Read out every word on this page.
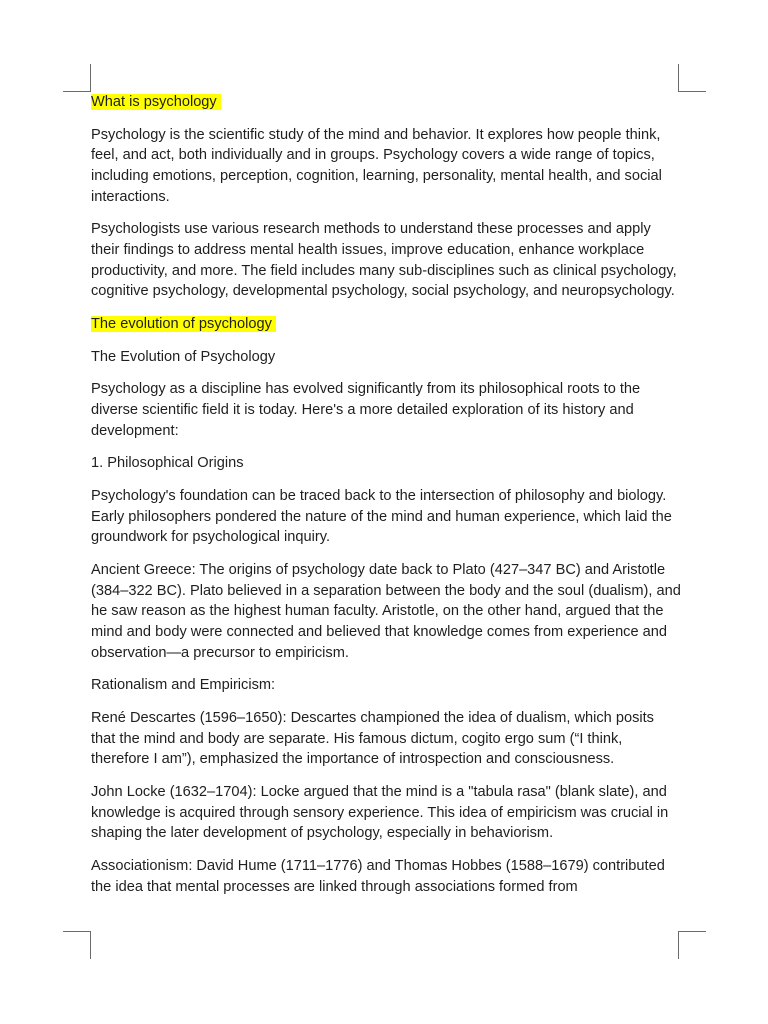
What is psychology

Psychology is the scientific study of the mind and behavior. It explores how people think, feel, and act, both individually and in groups. Psychology covers a wide range of topics, including emotions, perception, cognition, learning, personality, mental health, and social interactions.

Psychologists use various research methods to understand these processes and apply their findings to address mental health issues, improve education, enhance workplace productivity, and more. The field includes many sub-disciplines such as clinical psychology, cognitive psychology, developmental psychology, social psychology, and neuropsychology.

The evolution of psychology

The Evolution of Psychology

Psychology as a discipline has evolved significantly from its philosophical roots to the diverse scientific field it is today. Here's a more detailed exploration of its history and development:

1. Philosophical Origins

Psychology's foundation can be traced back to the intersection of philosophy and biology. Early philosophers pondered the nature of the mind and human experience, which laid the groundwork for psychological inquiry.

Ancient Greece: The origins of psychology date back to Plato (427–347 BC) and Aristotle (384–322 BC). Plato believed in a separation between the body and the soul (dualism), and he saw reason as the highest human faculty. Aristotle, on the other hand, argued that the mind and body were connected and believed that knowledge comes from experience and observation—a precursor to empiricism.

Rationalism and Empiricism:

René Descartes (1596–1650): Descartes championed the idea of dualism, which posits that the mind and body are separate. His famous dictum, cogito ergo sum (“I think, therefore I am”), emphasized the importance of introspection and consciousness.

John Locke (1632–1704): Locke argued that the mind is a "tabula rasa" (blank slate), and knowledge is acquired through sensory experience. This idea of empiricism was crucial in shaping the later development of psychology, especially in behaviorism.

Associationism: David Hume (1711–1776) and Thomas Hobbes (1588–1679) contributed the idea that mental processes are linked through associations formed from
